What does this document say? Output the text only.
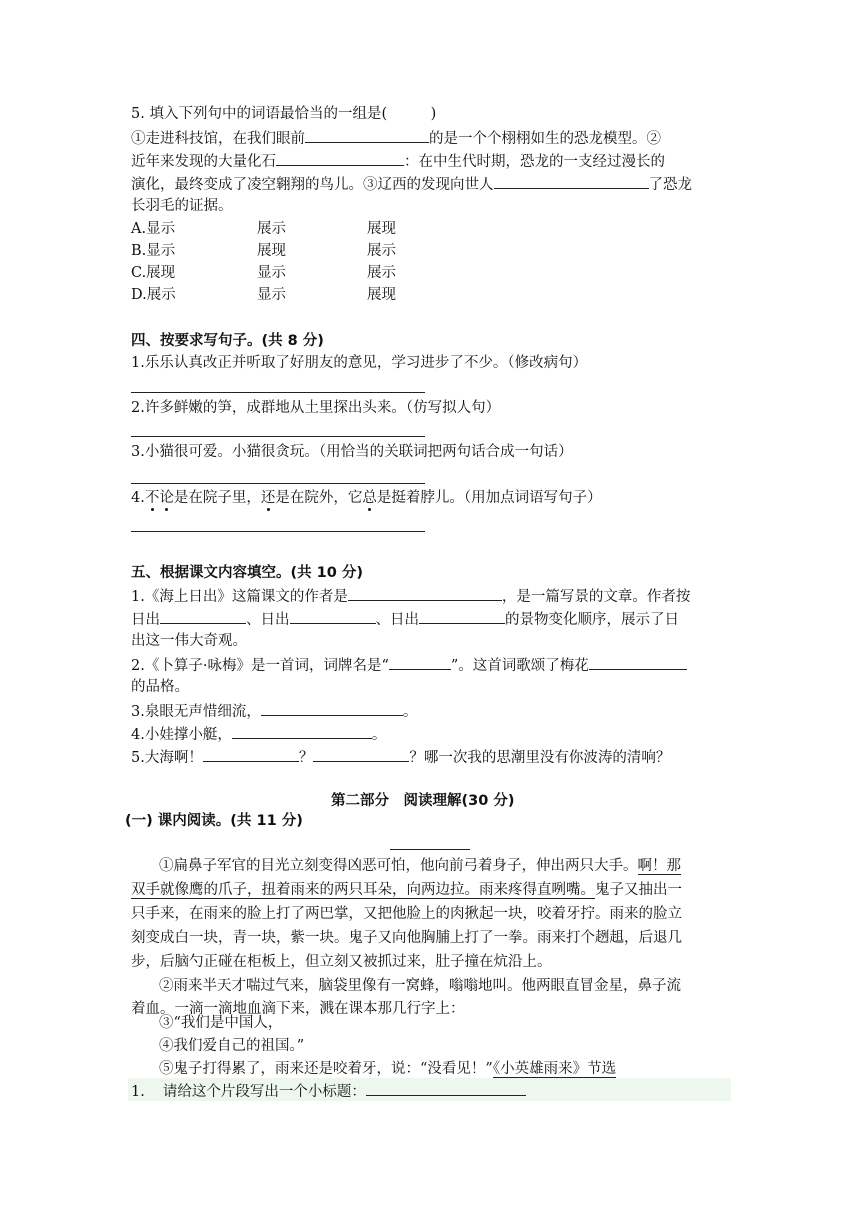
5. 填入下列句中的词语最恰当的一组是(　　　)
①走进科技馆，在我们眼前	的是一个个栩栩如生的恐龙模型。②
近年来发现的大量化石	：在中生代时期，恐龙的一支经过漫长的
演化，最终变成了凌空翱翔的鸟儿。③辽西的发现向世人	了恐龙
长羽毛的证据。
A.显示	展示	展现
B.显示	展现	展示
C.展现	显示	展示
D.展示	显示	展现
四、按要求写句子。(共 8 分)
1.乐乐认真改正并听取了好朋友的意见，学习进步了不少。（修改病句）
2.许多鲜嫩的笋，成群地从土里探出头来。（仿写拟人句）
3.小猫很可爱。小猫很贪玩。（用恰当的关联词把两句话合成一句话）
4.不论是在院子里，还是在院外，它总是挺着脖儿。（用加点词语写句子）
五、根据课文内容填空。(共 10 分)
1.《海上日出》这篇课文的作者是	，是一篇写景的文章。作者按
日出	、日出	、日出	的景物变化顺序，展示了日
出这一伟大奇观。
2.《卜算子·咏梅》是一首词，词牌名是“	”。这首词歌颂了梅花
的品格。
3.泉眼无声惜细流，	。
4.小娃撑小艇，	。
5.大海啊！	？	？哪一次我的思潮里没有你波涛的清响？
第二部分　阅读理解(30 分)
(一) 课内阅读。(共 11 分)
①扁鼻子军官的目光立刻变得凶恶可怕，他向前弓着身子，伸出两只大手。啊！那
双手就像鹰的爪子，扭着雨来的两只耳朵，向两边拉。雨来疼得直咧嘴。鬼子又抽出一
只手来，在雨来的脸上打了两巴掌，又把他脸上的肉揪起一块，咬着牙拧。雨来的脸立
刻变成白一块，青一块，紫一块。鬼子又向他胸脯上打了一拳。雨来打个趔趄，后退几
步，后脑勺正碰在柜板上，但立刻又被抓过来，肚子撞在炕沿上。
②雨来半天才喘过气来，脑袋里像有一窝蜂，嗡嗡地叫。他两眼直冒金星，鼻子流
着血。一滴一滴地血滴下来，溅在课本那几行字上：
③“我们是中国人，
④我们爱自己的祖国。”
⑤鬼子打得累了，雨来还是咬着牙，说：“没看见！”《小英雄雨来》节选
1. 请给这个片段写出一个小标题：
